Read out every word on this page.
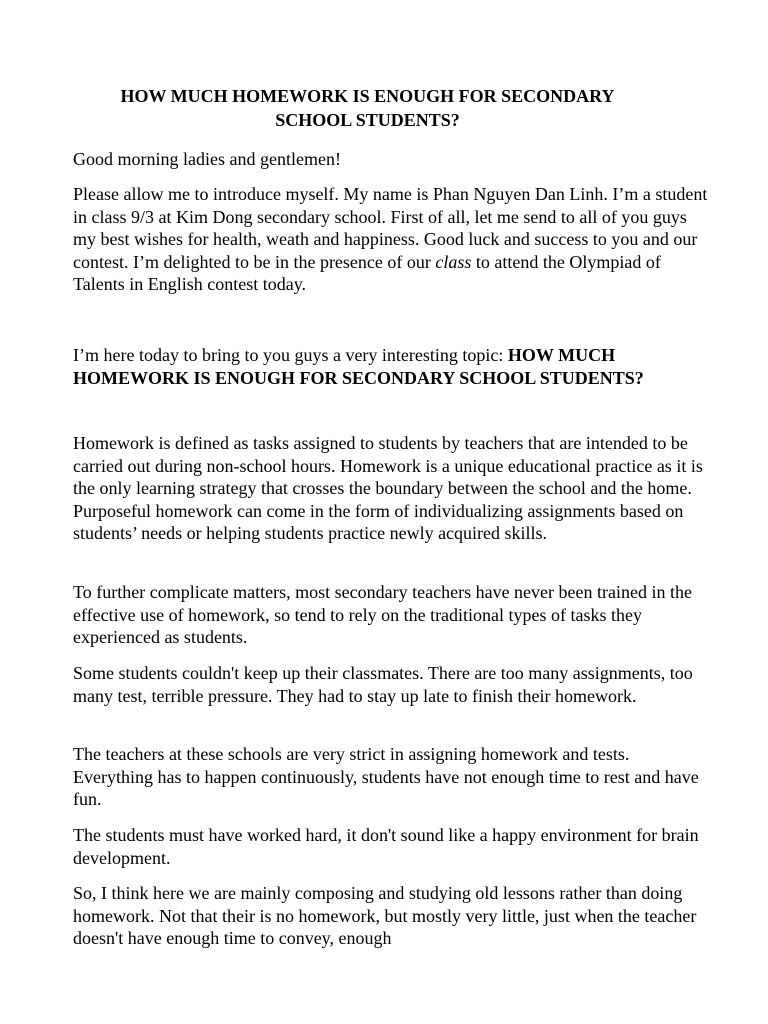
HOW MUCH HOMEWORK IS ENOUGH FOR SECONDARY
SCHOOL STUDENTS?

Good morning ladies and gentlemen!

Please allow me to introduce myself. My name is Phan Nguyen Dan Linh. I’m a student in class 9/3 at Kim Dong secondary school. First of all, let me send to all of you guys my best wishes for health, weath and happiness. Good luck and success to you and our contest. I’m delighted to be in the presence of our class to attend the Olympiad of Talents in English contest today.

I’m here today to bring to you guys a very interesting topic: HOW MUCH HOMEWORK IS ENOUGH FOR SECONDARY SCHOOL STUDENTS?

Homework is defined as tasks assigned to students by teachers that are intended to be carried out during non-school hours. Homework is a unique educational practice as it is the only learning strategy that crosses the boundary between the school and the home. Purposeful homework can come in the form of individualizing assignments based on students’ needs or helping students practice newly acquired skills.

To further complicate matters, most secondary teachers have never been trained in the effective use of homework, so tend to rely on the traditional types of tasks they experienced as students.

Some students couldn't keep up their classmates. There are too many assignments, too many test, terrible pressure. They had to stay up late to finish their homework.

The teachers at these schools are very strict in assigning homework and tests. Everything has to happen continuously, students have not enough time to rest and have fun.

The students must have worked hard, it don't sound like a happy environment for brain development.

So, I think here we are mainly composing and studying old lessons rather than doing homework. Not that their is no homework, but mostly very little, just when the teacher doesn't have enough time to convey, enough
